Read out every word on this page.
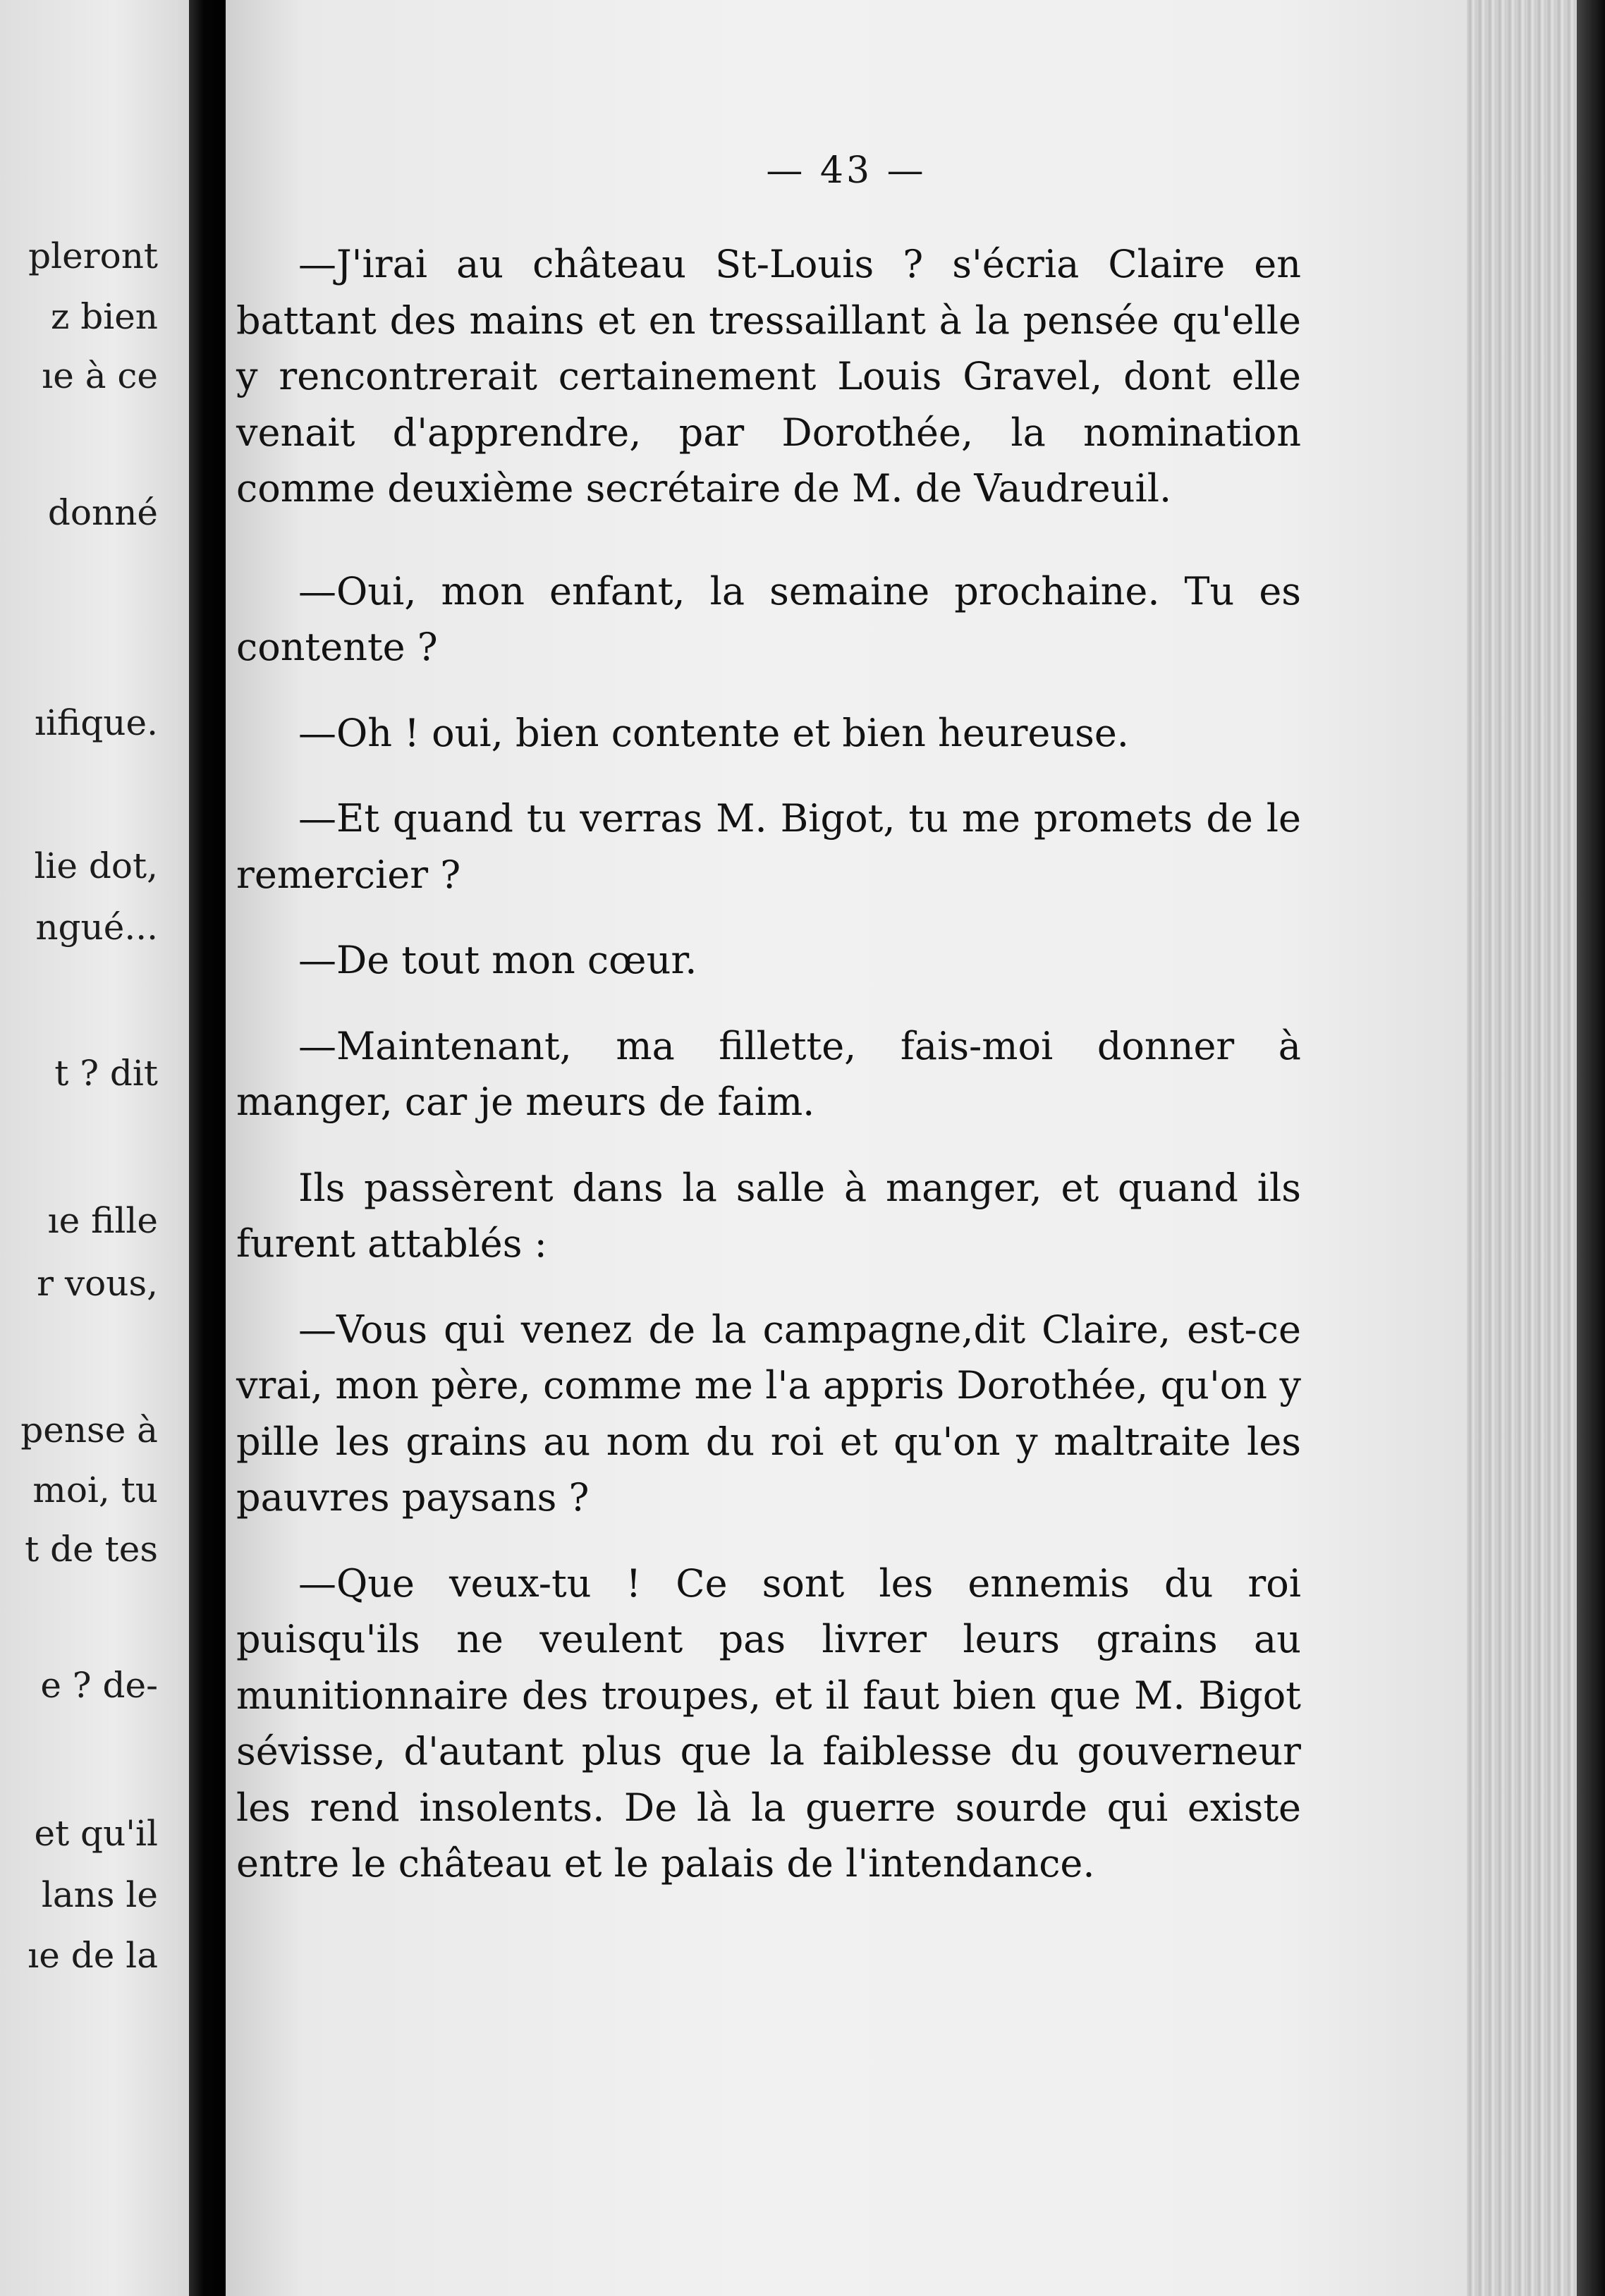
pleront
z bien
ıe à ce
donné
ıifique.
lie dot,
ngué...
t ? dit
ıe fille
r vous,
pense à
moi, tu
t de tes
e ? de-
et qu'il
lans le
ıe de la
— 43 —

—J'irai au château St-Louis ? s'écria Claire en battant des mains et en tressaillant à la pensée qu'elle y rencontrerait certainement Louis Gravel, dont elle venait d'apprendre, par Dorothée, la nomination comme deuxième secrétaire de M. de Vaudreuil.

—Oui, mon enfant, la semaine prochaine. Tu es contente ?

—Oh ! oui, bien contente et bien heureuse.

—Et quand tu verras M. Bigot, tu me promets de le remercier ?

—De tout mon cœur.

—Maintenant, ma fillette, fais-moi donner à manger, car je meurs de faim.

Ils passèrent dans la salle à manger, et quand ils furent attablés :

—Vous qui venez de la campagne,dit Claire, est-ce vrai, mon père, comme me l'a appris Dorothée, qu'on y pille les grains au nom du roi et qu'on y maltraite les pauvres paysans ?

—Que veux-tu ! Ce sont les ennemis du roi puisqu'ils ne veulent pas livrer leurs grains au munitionnaire des troupes, et il faut bien que M. Bigot sévisse, d'autant plus que la faiblesse du gouverneur les rend insolents. De là la guerre sourde qui existe entre le château et le palais de l'intendance.
